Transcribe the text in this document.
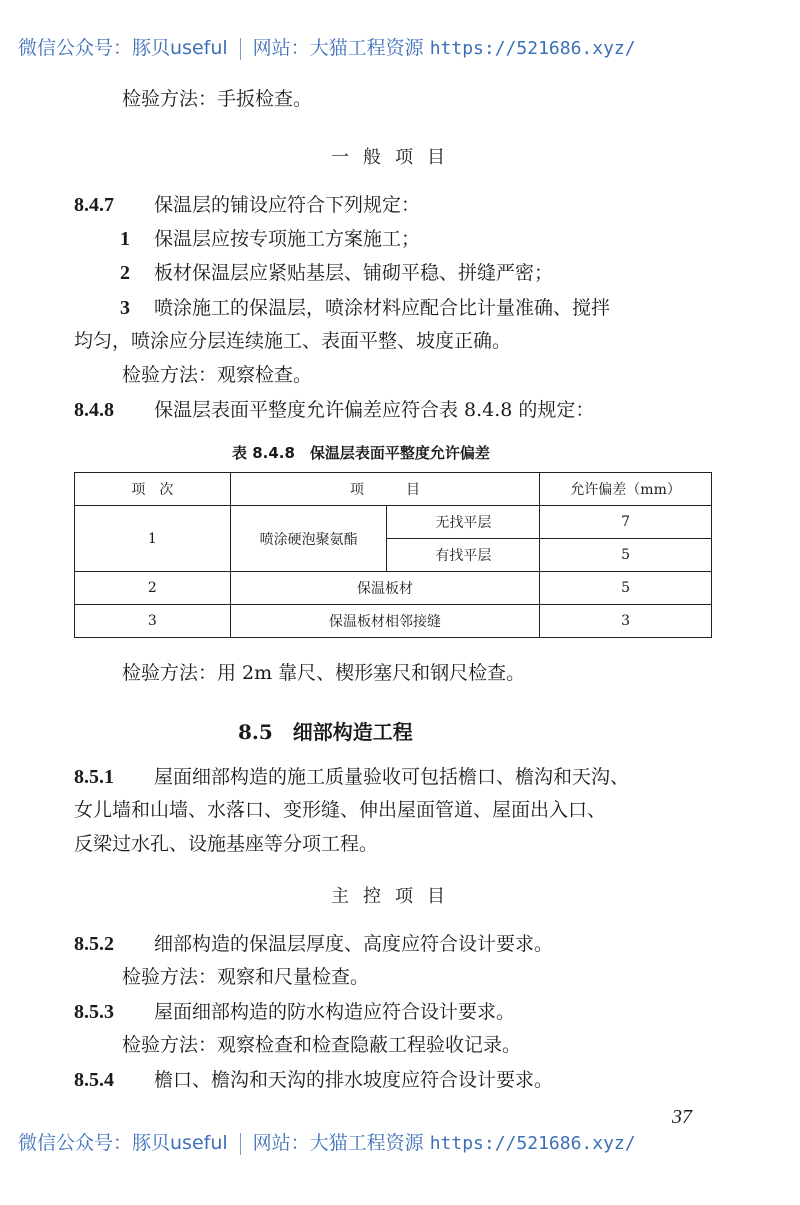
微信公众号：豚贝useful 网站：大猫工程资源 https://521686.xyz/
检验方法：手扳检查。
一般项目
8.4.7 保温层的铺设应符合下列规定：
1 保温层应按专项施工方案施工；
2 板材保温层应紧贴基层、铺砌平稳、拼缝严密；
3 喷涂施工的保温层，喷涂材料应配合比计量准确、搅拌
均匀，喷涂应分层连续施工、表面平整、坡度正确。
检验方法：观察检查。
8.4.8 保温层表面平整度允许偏差应符合表 8.4.8 的规定：
表 8.4.8　保温层表面平整度允许偏差
项　次	项　　　目		允许偏差（mm）
1	喷涂硬泡聚氨酯	无找平层	7
		有找平层	5
2	保温板材		5
3	保温板材相邻接缝		3
检验方法：用 2m 靠尺、楔形塞尺和钢尺检查。
8.5　细部构造工程
8.5.1 屋面细部构造的施工质量验收可包括檐口、檐沟和天沟、
女儿墙和山墙、水落口、变形缝、伸出屋面管道、屋面出入口、
反梁过水孔、设施基座等分项工程。
主控项目
8.5.2 细部构造的保温层厚度、高度应符合设计要求。
检验方法：观察和尺量检查。
8.5.3 屋面细部构造的防水构造应符合设计要求。
检验方法：观察检查和检查隐蔽工程验收记录。
8.5.4 檐口、檐沟和天沟的排水坡度应符合设计要求。
37
微信公众号：豚贝useful 网站：大猫工程资源 https://521686.xyz/
